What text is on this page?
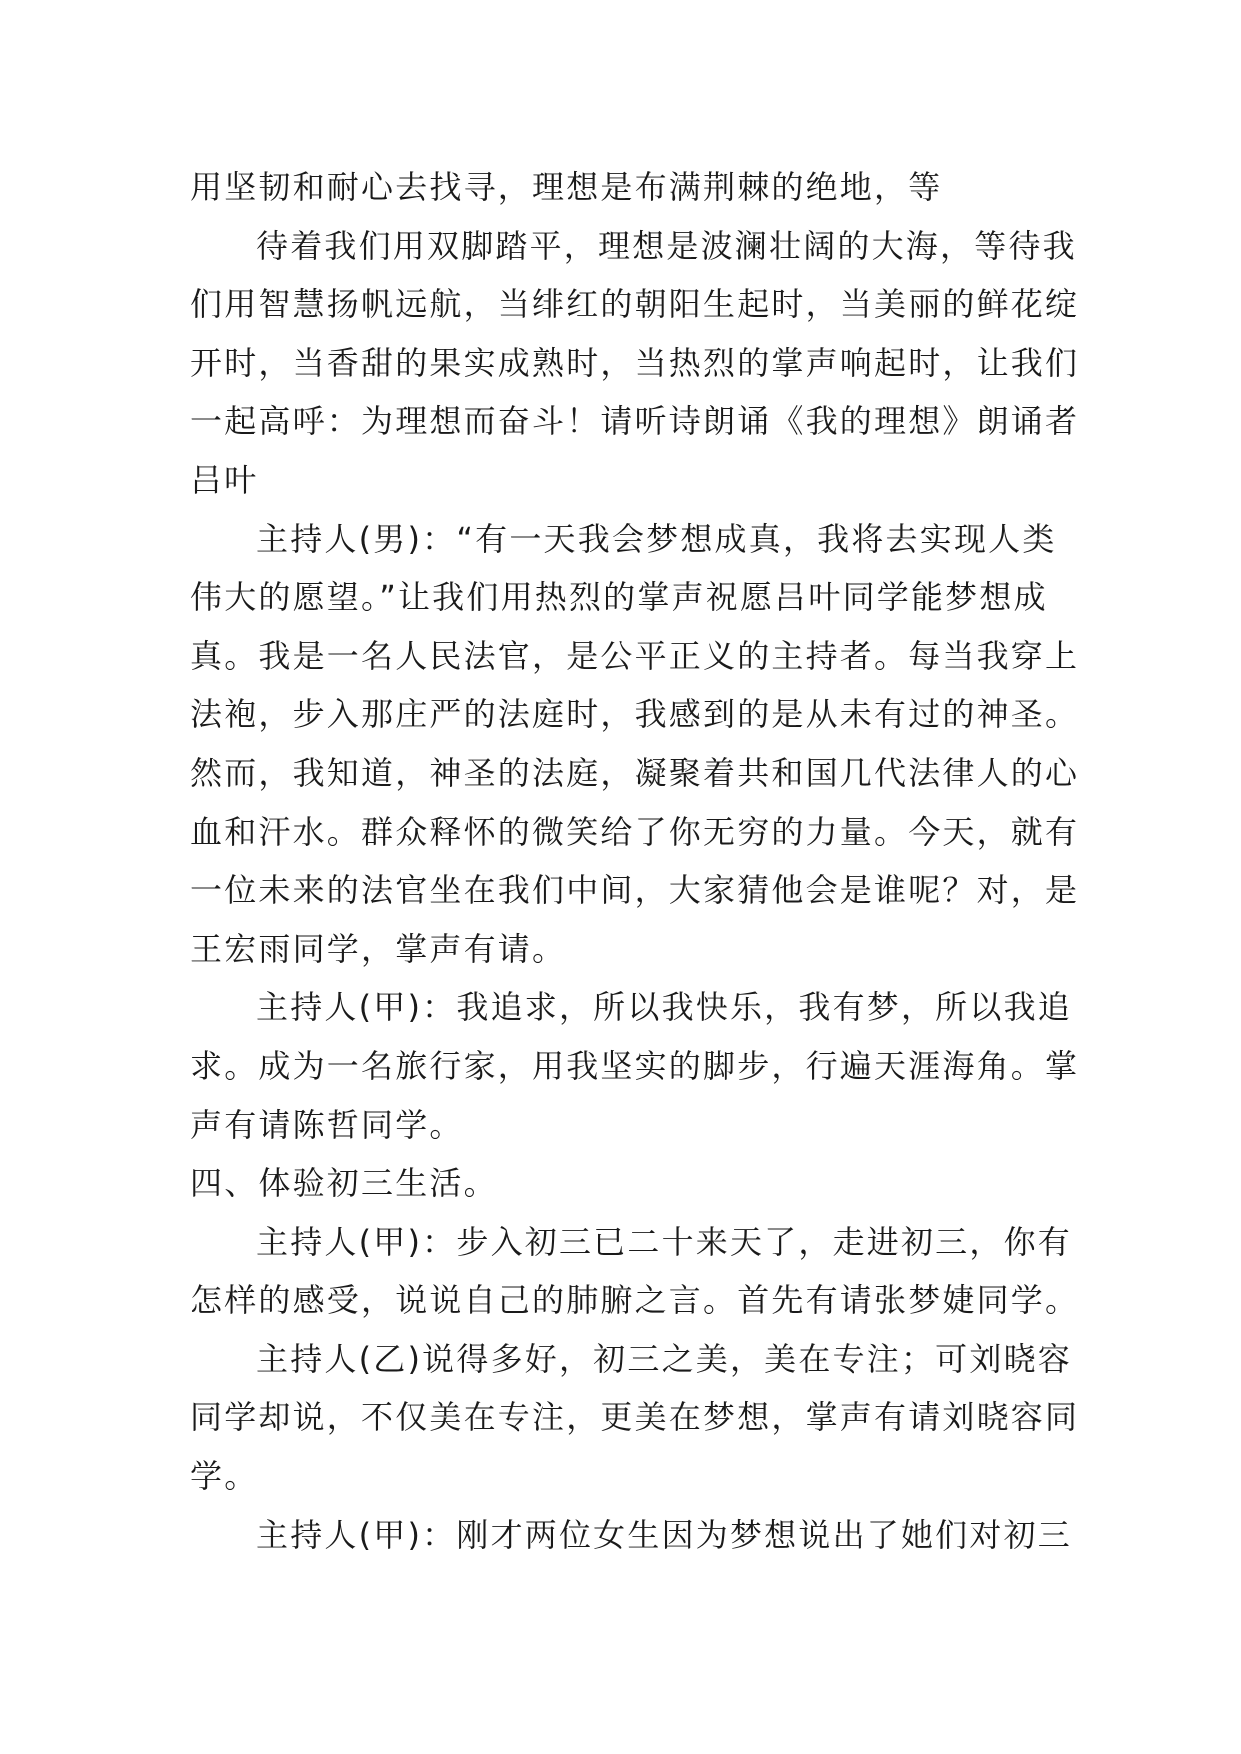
用坚韧和耐心去找寻，理想是布满荆棘的绝地，等

待着我们用双脚踏平，理想是波澜壮阔的大海，等待我

们用智慧扬帆远航，当绯红的朝阳生起时，当美丽的鲜花绽

开时，当香甜的果实成熟时，当热烈的掌声响起时，让我们

一起高呼：为理想而奋斗！请听诗朗诵《我的理想》朗诵者

吕叶

主持人(男)：“有一天我会梦想成真，我将去实现人类

伟大的愿望。”让我们用热烈的掌声祝愿吕叶同学能梦想成

真。我是一名人民法官，是公平正义的主持者。每当我穿上

法袍，步入那庄严的法庭时，我感到的是从未有过的神圣。

然而，我知道，神圣的法庭，凝聚着共和国几代法律人的心

血和汗水。群众释怀的微笑给了你无穷的力量。今天，就有

一位未来的法官坐在我们中间，大家猜他会是谁呢？对，是

王宏雨同学，掌声有请。

主持人(甲)：我追求，所以我快乐，我有梦，所以我追

求。成为一名旅行家，用我坚实的脚步，行遍天涯海角。掌

声有请陈哲同学。

四、体验初三生活。

主持人(甲)：步入初三已二十来天了，走进初三，你有

怎样的感受，说说自己的肺腑之言。首先有请张梦婕同学。

主持人(乙)说得多好，初三之美，美在专注；可刘晓容

同学却说，不仅美在专注，更美在梦想，掌声有请刘晓容同

学。

主持人(甲)：刚才两位女生因为梦想说出了她们对初三
